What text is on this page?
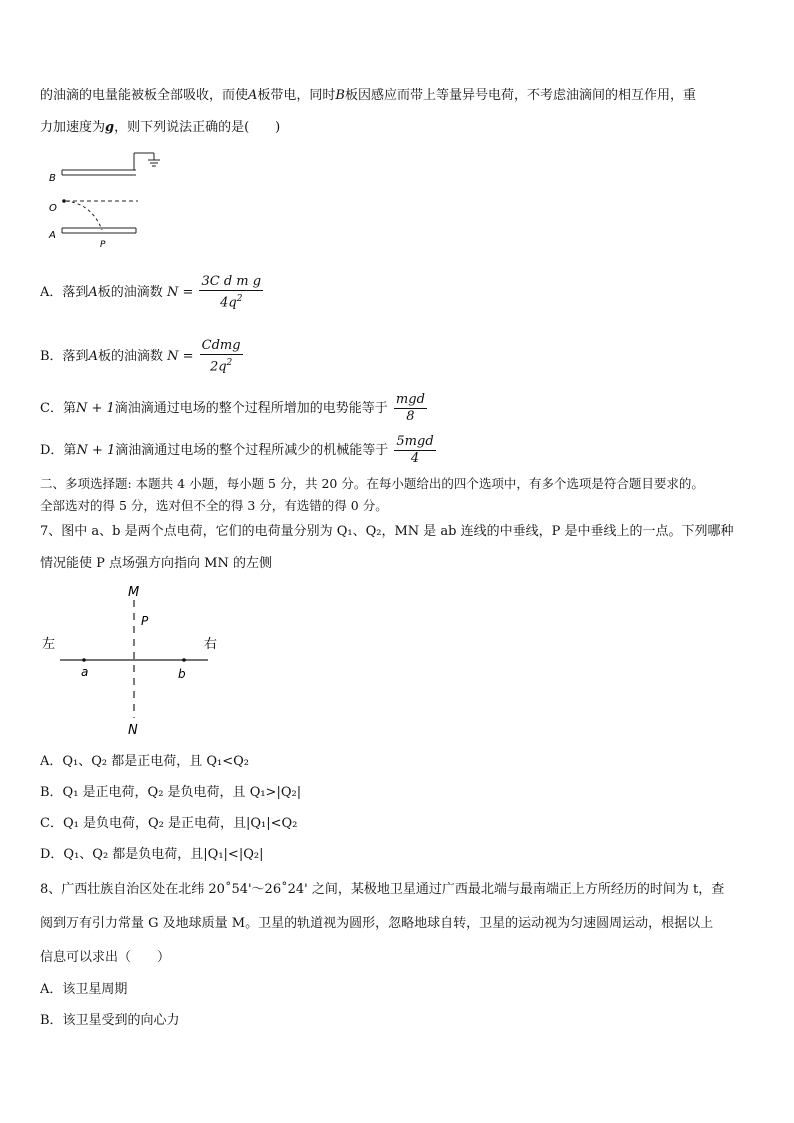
的油滴的电量能被板全部吸收，而使A板带电，同时B板因感应而带上等量异号电荷，不考虑油滴间的相互作用，重
力加速度为g，则下列说法正确的是(　　)
B
O
A
P
A．落到A板的油滴数 $N = \frac{\text{3C d m g}}{4q^2}$
B．落到A板的油滴数 $N = \frac{\text{Cdmg}}{2q^2}$
C．第N + 1滴油滴通过电场的整个过程所增加的电势能等于 $\frac{\text{mgd}}{8}$
D．第N + 1滴油滴通过电场的整个过程所减少的机械能等于 $\frac{\text{5mgd}}{4}$
二、多项选择题: 本题共 4 小题，每小题 5 分，共 20 分。在每小题给出的四个选项中，有多个选项是符合题目要求的。
全部选对的得 5 分，选对但不全的得 3 分，有选错的得 0 分。
7、图中 a、b 是两个点电荷，它们的电荷量分别为 Q₁、Q₂，MN 是 ab 连线的中垂线，P 是中垂线上的一点。下列哪种
情况能使 P 点场强方向指向 MN 的左侧
M
P
左	右
a	b
N
A．Q₁、Q₂ 都是正电荷，且 Q₁<Q₂
B．Q₁ 是正电荷，Q₂ 是负电荷，且 Q₁>|Q₂|
C．Q₁ 是负电荷，Q₂ 是正电荷，且|Q₁|<Q₂
D．Q₁、Q₂ 都是负电荷，且|Q₁|<|Q₂|
8、广西壮族自治区处在北纬 20˚54'～26˚24' 之间，某极地卫星通过广西最北端与最南端正上方所经历的时间为 t，查
阅到万有引力常量 G 及地球质量 M。卫星的轨道视为圆形，忽略地球自转，卫星的运动视为匀速圆周运动，根据以上
信息可以求出（　　）
A．该卫星周期
B．该卫星受到的向心力
